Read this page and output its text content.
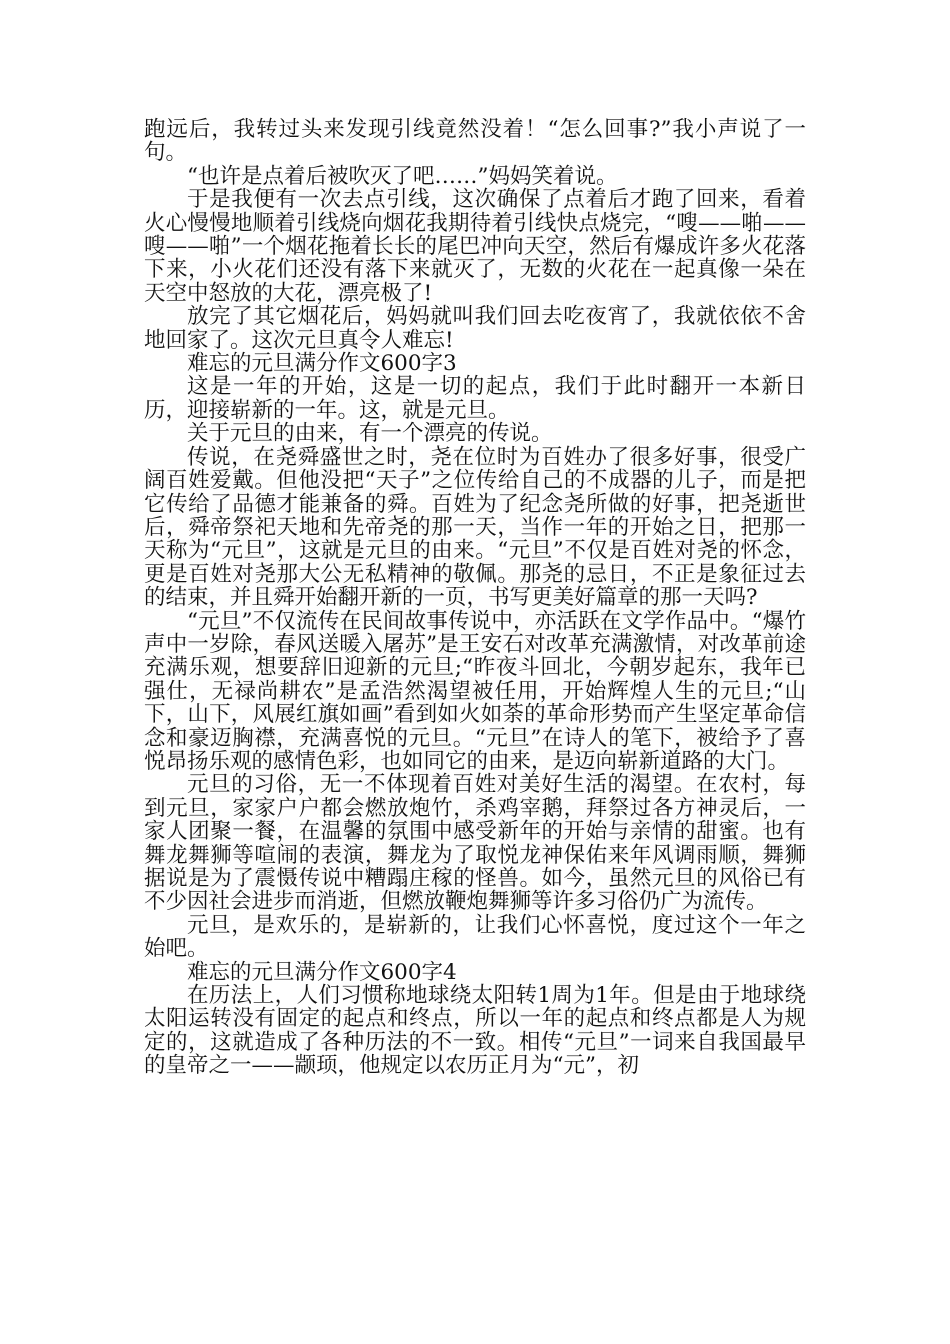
跑远后，我转过头来发现引线竟然没着！“怎么回事?”我小声说了一句。

“也许是点着后被吹灭了吧……”妈妈笑着说。

于是我便有一次去点引线，这次确保了点着后才跑了回来，看着火心慢慢地顺着引线烧向烟花我期待着引线快点烧完，“嗖——啪——嗖——啪”一个烟花拖着长长的尾巴冲向天空，然后有爆成许多火花落下来，小火花们还没有落下来就灭了，无数的火花在一起真像一朵在天空中怒放的大花，漂亮极了!

放完了其它烟花后，妈妈就叫我们回去吃夜宵了，我就依依不舍地回家了。这次元旦真令人难忘!

难忘的元旦满分作文600字3

这是一年的开始，这是一切的起点，我们于此时翻开一本新日历，迎接崭新的一年。这，就是元旦。

关于元旦的由来，有一个漂亮的传说。

传说，在尧舜盛世之时，尧在位时为百姓办了很多好事，很受广阔百姓爱戴。但他没把“天子”之位传给自己的不成器的儿子，而是把它传给了品德才能兼备的舜。百姓为了纪念尧所做的好事，把尧逝世后，舜帝祭祀天地和先帝尧的那一天，当作一年的开始之日，把那一天称为“元旦”，这就是元旦的由来。“元旦”不仅是百姓对尧的怀念，更是百姓对尧那大公无私精神的敬佩。那尧的忌日，不正是象征过去的结束，并且舜开始翻开新的一页，书写更美好篇章的那一天吗?

“元旦”不仅流传在民间故事传说中，亦活跃在文学作品中。“爆竹声中一岁除，春风送暖入屠苏”是王安石对改革充满激情，对改革前途充满乐观，想要辞旧迎新的元旦;“昨夜斗回北，今朝岁起东，我年已强仕，无禄尚耕农”是孟浩然渴望被任用，开始辉煌人生的元旦;“山下，山下，风展红旗如画”看到如火如荼的革命形势而产生坚定革命信念和豪迈胸襟，充满喜悦的元旦。“元旦”在诗人的笔下，被给予了喜悦昂扬乐观的感情色彩，也如同它的由来，是迈向崭新道路的大门。

元旦的习俗，无一不体现着百姓对美好生活的渴望。在农村，每到元旦，家家户户都会燃放炮竹，杀鸡宰鹅，拜祭过各方神灵后，一家人团聚一餐，在温馨的氛围中感受新年的开始与亲情的甜蜜。也有舞龙舞狮等喧闹的表演，舞龙为了取悦龙神保佑来年风调雨顺，舞狮据说是为了震慑传说中糟蹋庄稼的怪兽。如今，虽然元旦的风俗已有不少因社会进步而消逝，但燃放鞭炮舞狮等许多习俗仍广为流传。

元旦，是欢乐的，是崭新的，让我们心怀喜悦，度过这个一年之始吧。

难忘的元旦满分作文600字4

在历法上，人们习惯称地球绕太阳转1周为1年。但是由于地球绕太阳运转没有固定的起点和终点，所以一年的起点和终点都是人为规定的，这就造成了各种历法的不一致。相传“元旦”一词来自我国最早的皇帝之一——颛顼，他规定以农历正月为“元”，初
